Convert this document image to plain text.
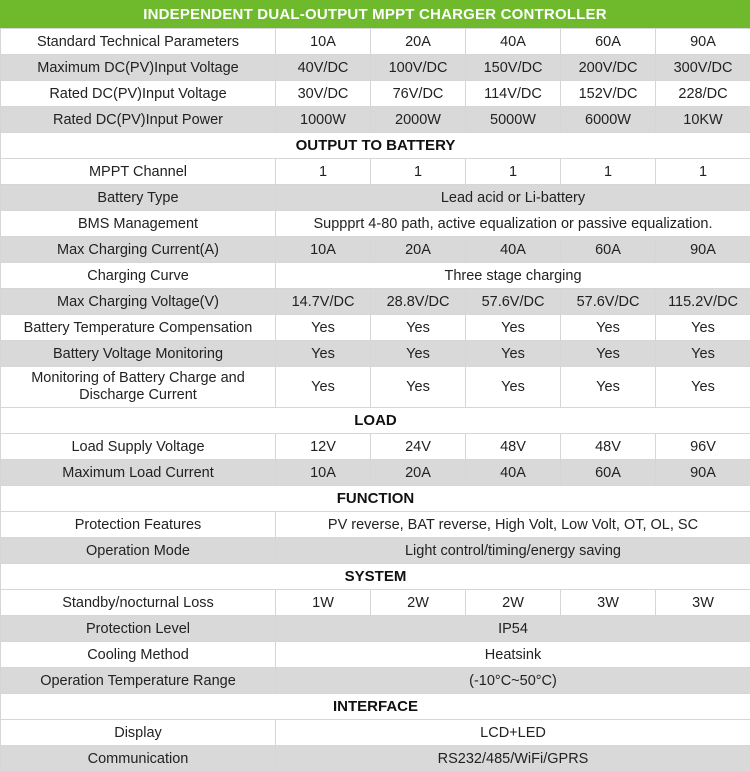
INDEPENDENT DUAL-OUTPUT MPPT CHARGER CONTROLLER
Standard Technical Parameters	10A	20A	40A	60A	90A
Maximum DC(PV)Input Voltage	40V/DC	100V/DC	150V/DC	200V/DC	300V/DC
Rated DC(PV)Input Voltage	30V/DC	76V/DC	114V/DC	152V/DC	228/DC
Rated DC(PV)Input Power	1000W	2000W	5000W	6000W	10KW
OUTPUT TO BATTERY					
MPPT Channel	1	1	1	1	1
Battery Type	Lead acid or Li-battery				
BMS Management	Suppprt 4-80 path, active equalization or passive equalization.				
Max Charging Current(A)	10A	20A	40A	60A	90A
Charging Curve	Three stage charging				
Max Charging Voltage(V)	14.7V/DC	28.8V/DC	57.6V/DC	57.6V/DC	115.2V/DC
Battery Temperature Compensation	Yes	Yes	Yes	Yes	Yes
Battery Voltage Monitoring	Yes	Yes	Yes	Yes	Yes
Monitoring of Battery Charge and Discharge Current	Yes	Yes	Yes	Yes	Yes
LOAD					
Load Supply Voltage	12V	24V	48V	48V	96V
Maximum Load Current	10A	20A	40A	60A	90A
FUNCTION					
Protection Features	PV reverse, BAT reverse, High Volt, Low Volt, OT, OL, SC				
Operation Mode	Light control/timing/energy saving				
SYSTEM					
Standby/nocturnal Loss	1W	2W	2W	3W	3W
Protection Level	IP54				
Cooling Method	Heatsink				
Operation Temperature Range	(-10°C~50°C)				
INTERFACE					
Display	LCD+LED				
Communication	RS232/485/WiFi/GPRS				
